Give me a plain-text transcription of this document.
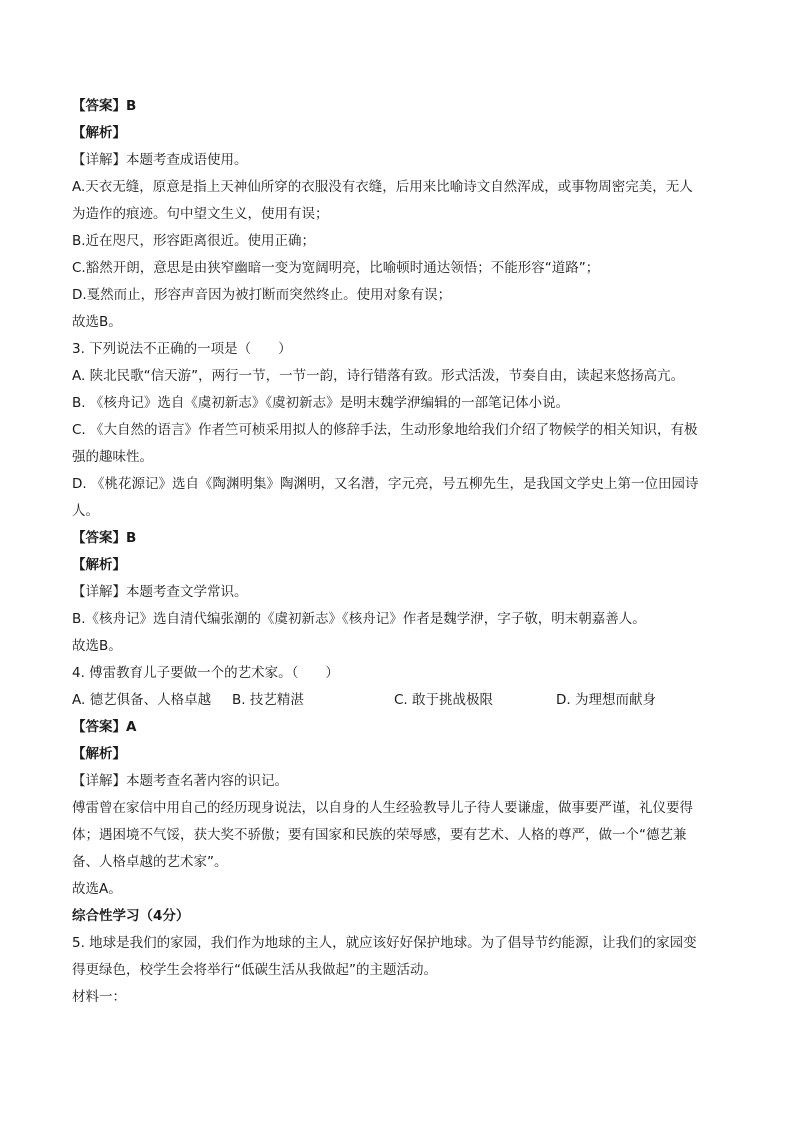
【答案】B

【解析】

【详解】本题考查成语使用。

A.天衣无缝，原意是指上天神仙所穿的衣服没有衣缝，后用来比喻诗文自然浑成，或事物周密完美，无人

为造作的痕迹。句中望文生义，使用有误；

B.近在咫尺，形容距离很近。使用正确；

C.豁然开朗，意思是由狭窄幽暗一变为宽阔明亮，比喻顿时通达领悟；不能形容“道路”；

D.戛然而止，形容声音因为被打断而突然终止。使用对象有误；

故选B。

3. 下列说法不正确的一项是（　　）

A. 陕北民歌“信天游”，两行一节，一节一韵，诗行错落有致。形式活泼，节奏自由，读起来悠扬高亢。

B. 《核舟记》选自《虞初新志》《虞初新志》是明末魏学洢编辑的一部笔记体小说。

C. 《大自然的语言》作者竺可桢采用拟人的修辞手法，生动形象地给我们介绍了物候学的相关知识，有极

强的趣味性。

D. 《桃花源记》选自《陶渊明集》陶渊明，又名潜，字元亮，号五柳先生，是我国文学史上第一位田园诗

人。

【答案】B

【解析】

【详解】本题考查文学常识。

B.《核舟记》选自清代编张潮的《虞初新志》《核舟记》作者是魏学洢，字子敬，明末朝嘉善人。

故选B。

4. 傅雷教育儿子要做一个的艺术家。（　　）

A. 德艺俱备、人格卓越	B. 技艺精湛	C. 敢于挑战极限	D. 为理想而献身

【答案】A

【解析】

【详解】本题考查名著内容的识记。

傅雷曾在家信中用自己的经历现身说法，以自身的人生经验教导儿子待人要谦虚，做事要严谨，礼仪要得

体；遇困境不气馁，获大奖不骄傲；要有国家和民族的荣辱感，要有艺术、人格的尊严，做一个“德艺兼

备、人格卓越的艺术家”。

故选A。

综合性学习（4分）

5. 地球是我们的家园，我们作为地球的主人，就应该好好保护地球。为了倡导节约能源，让我们的家园变

得更绿色，校学生会将举行“低碳生活从我做起”的主题活动。

材料一：
